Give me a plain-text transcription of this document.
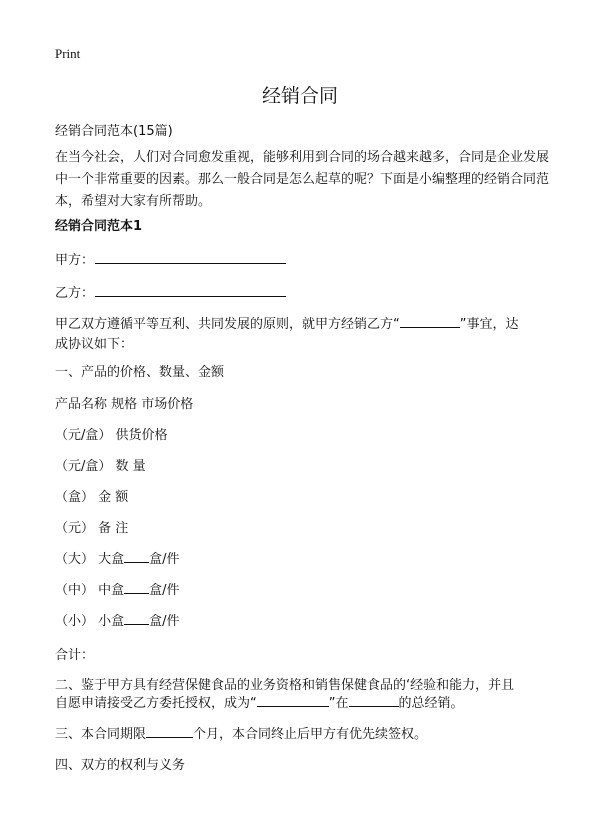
Print
经销合同
经销合同范本(15篇)
在当今社会，人们对合同愈发重视，能够利用到合同的场合越来越多，合同是企业发展中一个非常重要的因素。那么一般合同是怎么起草的呢？下面是小编整理的经销合同范本，希望对大家有所帮助。
经销合同范本1
甲方：
乙方：
甲乙双方遵循平等互利、共同发展的原则，就甲方经销乙方“	”事宜，达
成协议如下：
一、产品的价格、数量、金额
产品名称 规格 市场价格
（元/盒） 供货价格
（元/盒） 数 量
（盒） 金 额
（元） 备 注
（大） 大盒 盒/件
（中） 中盒 盒/件
（小） 小盒 盒/件
合计：
二、鉴于甲方具有经营保健食品的业务资格和销售保健食品的‘经验和能力，并且
自愿申请接受乙方委托授权，成为“	”在	的总经销。
三、本合同期限	个月，本合同终止后甲方有优先续签权。
四、双方的权利与义务
